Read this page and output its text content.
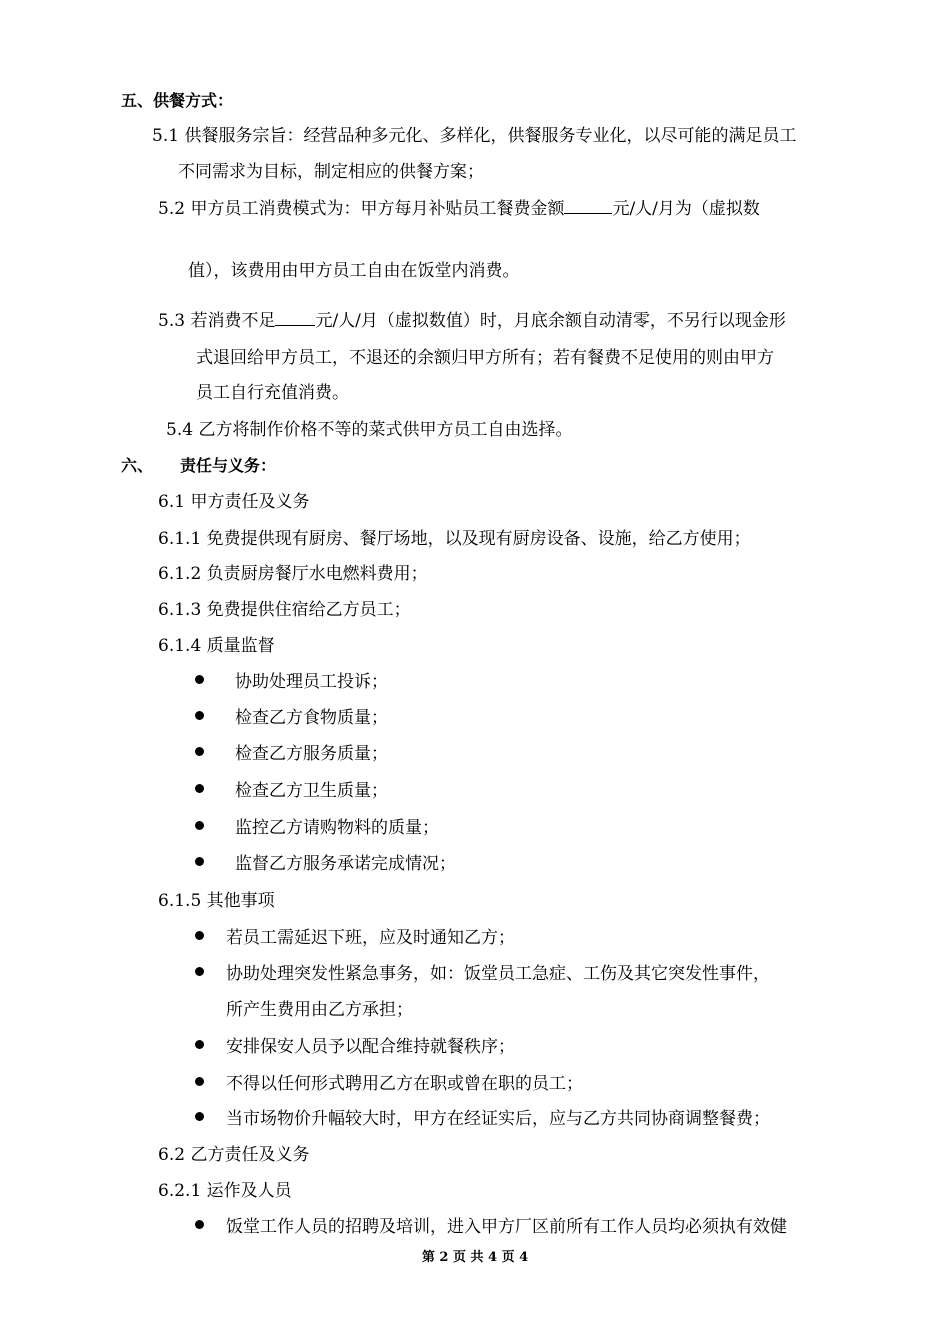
五、供餐方式：
5.1 供餐服务宗旨：经营品种多元化、多样化，供餐服务专业化，以尽可能的满足员工
不同需求为目标，制定相应的供餐方案；
5.2 甲方员工消费模式为：甲方每月补贴员工餐费金额	元/人/月为（虚拟数
值），该费用由甲方员工自由在饭堂内消费。
5.3 若消费不足 元/人/月（虚拟数值）时，月底余额自动清零，不另行以现金形
式退回给甲方员工，不退还的余额归甲方所有；若有餐费不足使用的则由甲方
员工自行充值消费。
5.4 乙方将制作价格不等的菜式供甲方员工自由选择。
六、 责任与义务：
6.1 甲方责任及义务
6.1.1 免费提供现有厨房、餐厅场地，以及现有厨房设备、设施，给乙方使用；
6.1.2 负责厨房餐厅水电燃料费用；
6.1.3 免费提供住宿给乙方员工；
6.1.4 质量监督
协助处理员工投诉；
检查乙方食物质量；
检查乙方服务质量；
检查乙方卫生质量；
监控乙方请购物料的质量；
监督乙方服务承诺完成情况；
6.1.5 其他事项
若员工需延迟下班，应及时通知乙方；
协助处理突发性紧急事务，如：饭堂员工急症、工伤及其它突发性事件，
所产生费用由乙方承担；
安排保安人员予以配合维持就餐秩序；
不得以任何形式聘用乙方在职或曾在职的员工；
当市场物价升幅较大时，甲方在经证实后，应与乙方共同协商调整餐费；
6.2 乙方责任及义务
6.2.1 运作及人员
饭堂工作人员的招聘及培训，进入甲方厂区前所有工作人员均必须执有效健
第 2 页 共 4 页 4
